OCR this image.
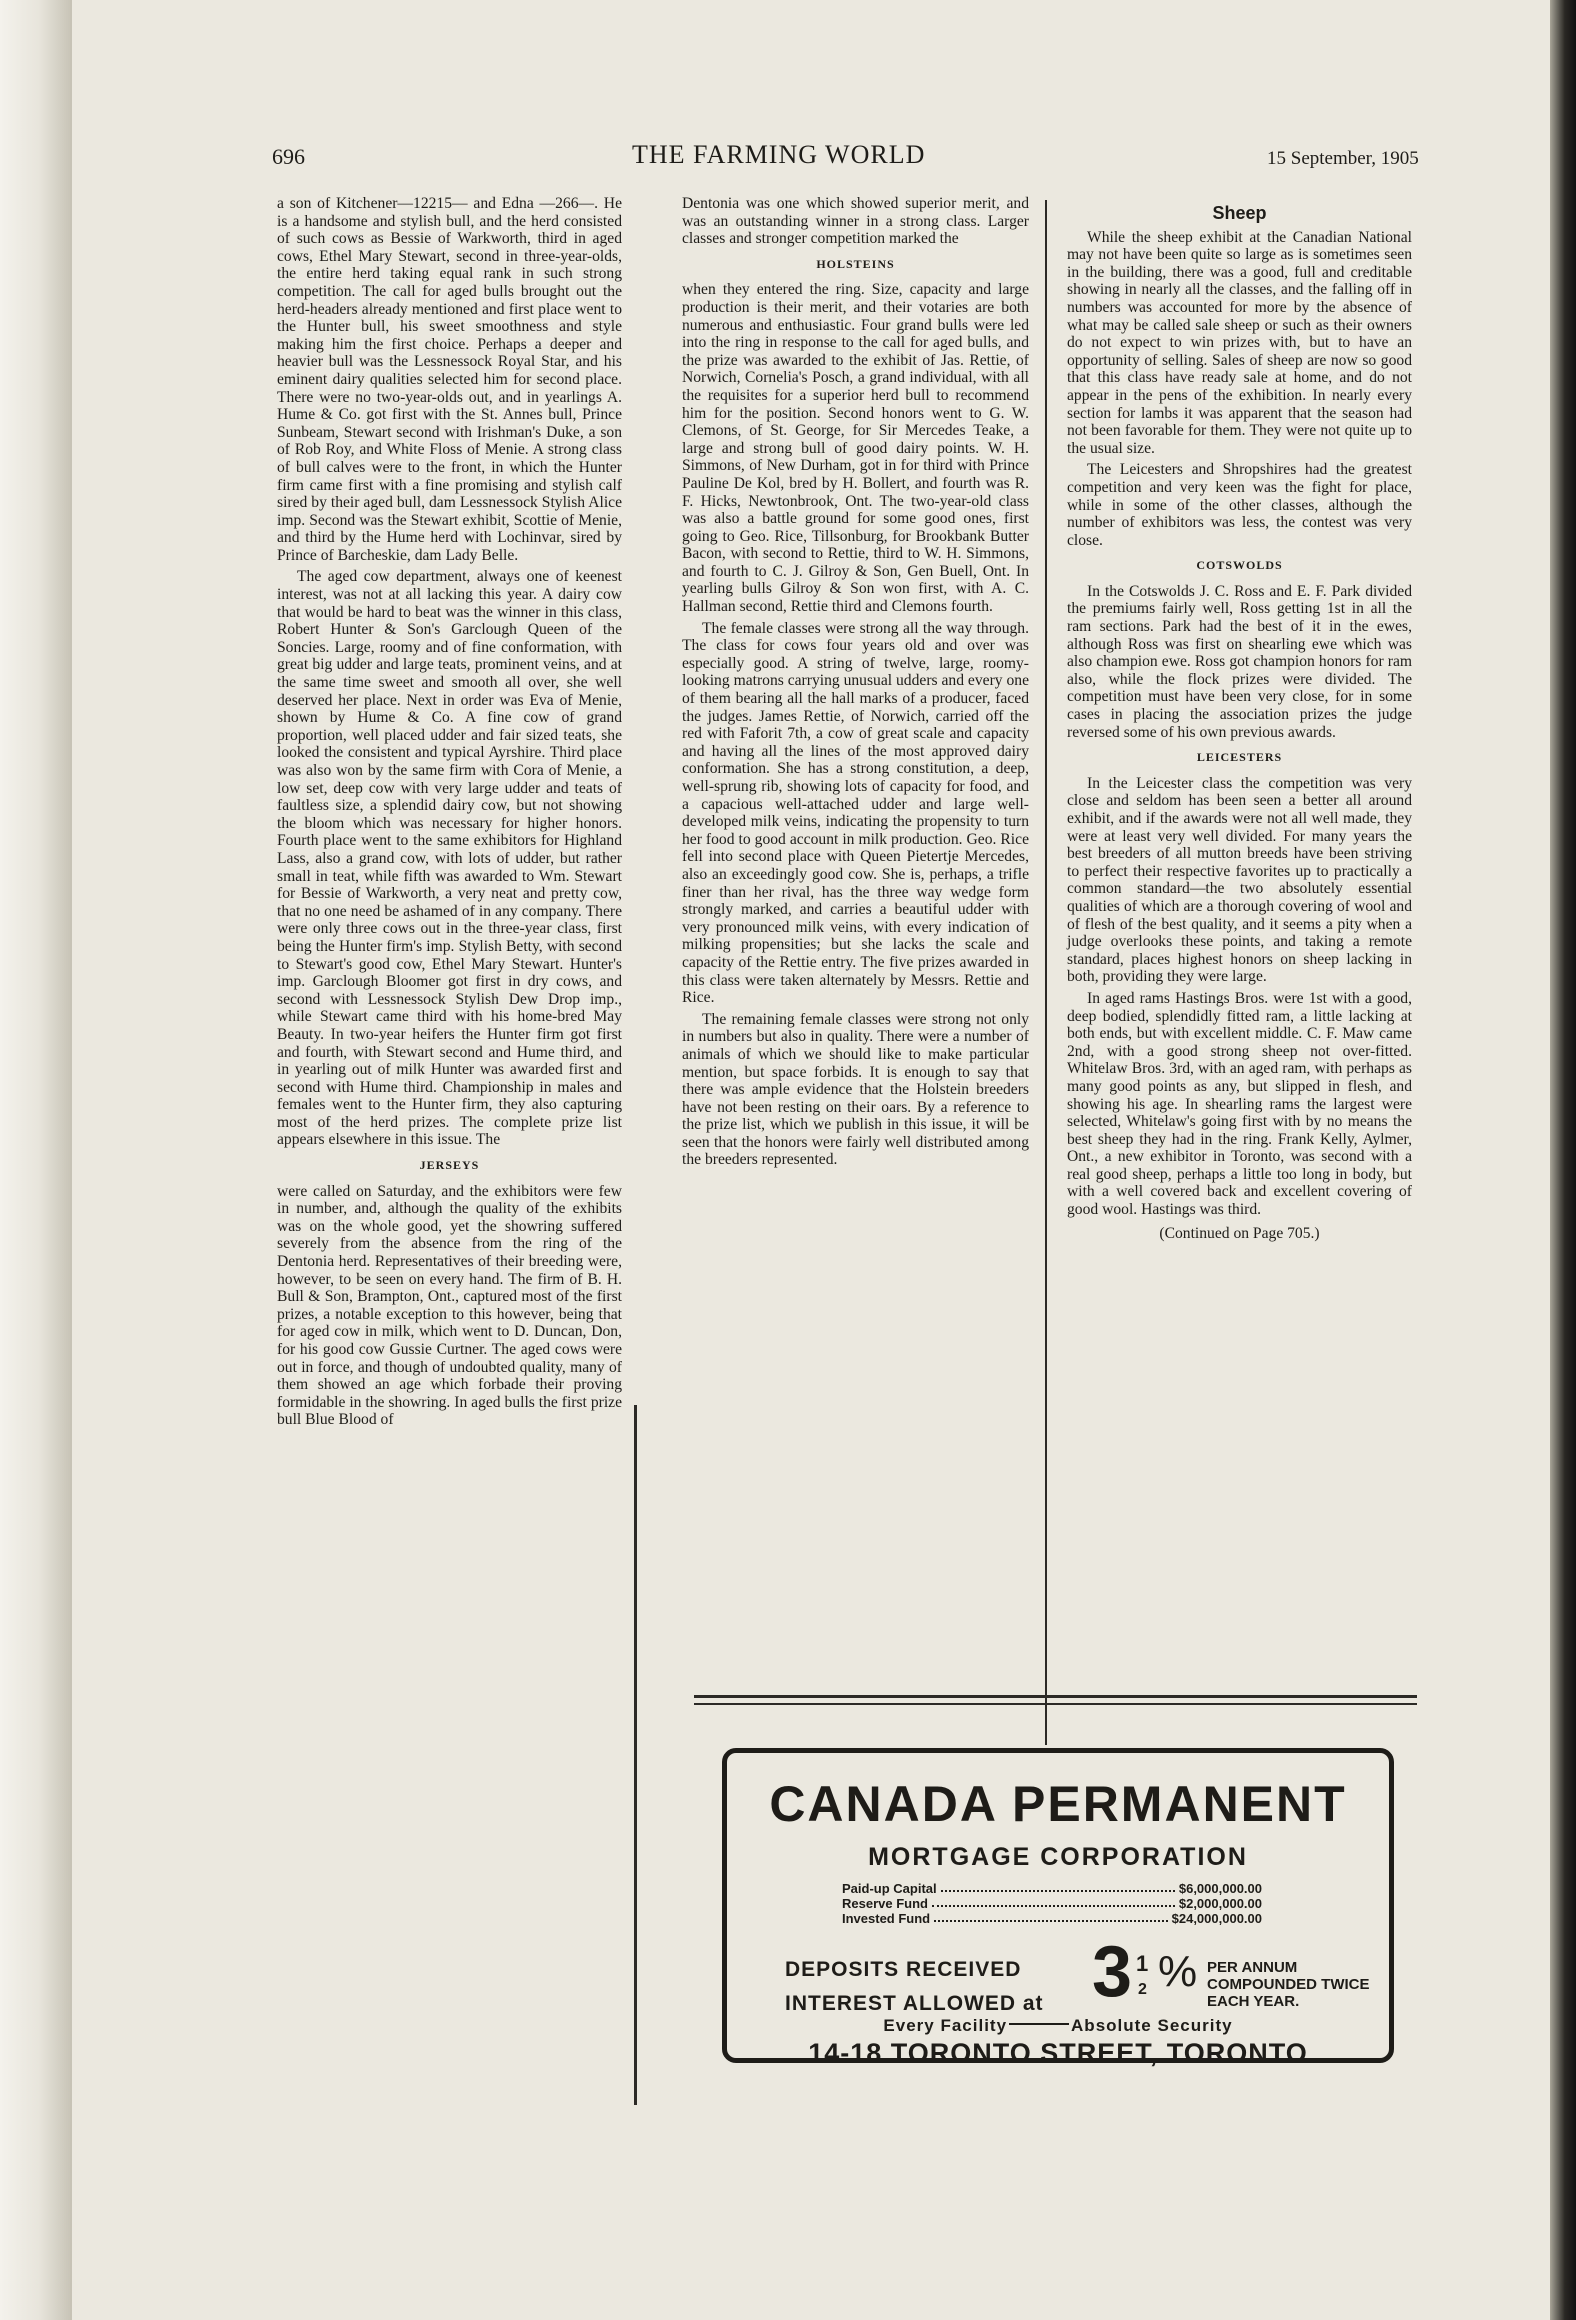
696	THE FARMING WORLD	15 September, 1905

a son of Kitchener—12215— and Edna —266—. He is a handsome and stylish bull, and the herd consisted of such cows as Bessie of Warkworth, third in aged cows, Ethel Mary Stewart, second in three-year-olds, the entire herd taking equal rank in such strong competition. The call for aged bulls brought out the herd-headers already mentioned and first place went to the Hunter bull, his sweet smoothness and style making him the first choice. Perhaps a deeper and heavier bull was the Lessnessock Royal Star, and his eminent dairy qualities selected him for second place. There were no two-year-olds out, and in yearlings A. Hume & Co. got first with the St. Annes bull, Prince Sunbeam, Stewart second with Irishman's Duke, a son of Rob Roy, and White Floss of Menie. A strong class of bull calves were to the front, in which the Hunter firm came first with a fine promising and stylish calf sired by their aged bull, dam Lessnessock Stylish Alice imp. Second was the Stewart exhibit, Scottie of Menie, and third by the Hume herd with Lochinvar, sired by Prince of Barcheskie, dam Lady Belle.

The aged cow department, always one of keenest interest, was not at all lacking this year. A dairy cow that would be hard to beat was the winner in this class, Robert Hunter & Son's Garclough Queen of the Soncies. Large, roomy and of fine conformation, with great big udder and large teats, prominent veins, and at the same time sweet and smooth all over, she well deserved her place. Next in order was Eva of Menie, shown by Hume & Co. A fine cow of grand proportion, well placed udder and fair sized teats, she looked the consistent and typical Ayrshire. Third place was also won by the same firm with Cora of Menie, a low set, deep cow with very large udder and teats of faultless size, a splendid dairy cow, but not showing the bloom which was necessary for higher honors. Fourth place went to the same exhibitors for Highland Lass, also a grand cow, with lots of udder, but rather small in teat, while fifth was awarded to Wm. Stewart for Bessie of Warkworth, a very neat and pretty cow, that no one need be ashamed of in any company. There were only three cows out in the three-year class, first being the Hunter firm's imp. Stylish Betty, with second to Stewart's good cow, Ethel Mary Stewart. Hunter's imp. Garclough Bloomer got first in dry cows, and second with Lessnessock Stylish Dew Drop imp., while Stewart came third with his home-bred May Beauty. In two-year heifers the Hunter firm got first and fourth, with Stewart second and Hume third, and in yearling out of milk Hunter was awarded first and second with Hume third. Championship in males and females went to the Hunter firm, they also capturing most of the herd prizes. The complete prize list appears elsewhere in this issue. The

JERSEYS

were called on Saturday, and the exhibitors were few in number, and, although the quality of the exhibits was on the whole good, yet the showring suffered severely from the absence from the ring of the Dentonia herd. Representatives of their breeding were, however, to be seen on every hand. The firm of B. H. Bull & Son, Brampton, Ont., captured most of the first prizes, a notable exception to this however, being that for aged cow in milk, which went to D. Duncan, Don, for his good cow Gussie Curtner. The aged cows were out in force, and though of undoubted quality, many of them showed an age which forbade their proving formidable in the showring. In aged bulls the first prize bull Blue Blood of

Dentonia was one which showed superior merit, and was an outstanding winner in a strong class. Larger classes and stronger competition marked the

HOLSTEINS

when they entered the ring. Size, capacity and large production is their merit, and their votaries are both numerous and enthusiastic. Four grand bulls were led into the ring in response to the call for aged bulls, and the prize was awarded to the exhibit of Jas. Rettie, of Norwich, Cornelia's Posch, a grand individual, with all the requisites for a superior herd bull to recommend him for the position. Second honors went to G. W. Clemons, of St. George, for Sir Mercedes Teake, a large and strong bull of good dairy points. W. H. Simmons, of New Durham, got in for third with Prince Pauline De Kol, bred by H. Bollert, and fourth was R. F. Hicks, Newtonbrook, Ont. The two-year-old class was also a battle ground for some good ones, first going to Geo. Rice, Tillsonburg, for Brookbank Butter Bacon, with second to Rettie, third to W. H. Simmons, and fourth to C. J. Gilroy & Son, Gen Buell, Ont. In yearling bulls Gilroy & Son won first, with A. C. Hallman second, Rettie third and Clemons fourth.

The female classes were strong all the way through. The class for cows four years old and over was especially good. A string of twelve, large, roomy-looking matrons carrying unusual udders and every one of them bearing all the hall marks of a producer, faced the judges. James Rettie, of Norwich, carried off the red with Faforit 7th, a cow of great scale and capacity and having all the lines of the most approved dairy conformation. She has a strong constitution, a deep, well-sprung rib, showing lots of capacity for food, and a capacious well-attached udder and large well-developed milk veins, indicating the propensity to turn her food to good account in milk production. Geo. Rice fell into second place with Queen Pietertje Mercedes, also an exceedingly good cow. She is, perhaps, a trifle finer than her rival, has the three way wedge form strongly marked, and carries a beautiful udder with very pronounced milk veins, with every indication of milking propensities; but she lacks the scale and capacity of the Rettie entry. The five prizes awarded in this class were taken alternately by Messrs. Rettie and Rice.

The remaining female classes were strong not only in numbers but also in quality. There were a number of animals of which we should like to make particular mention, but space forbids. It is enough to say that there was ample evidence that the Holstein breeders have not been resting on their oars. By a reference to the prize list, which we publish in this issue, it will be seen that the honors were fairly well distributed among the breeders represented.

Sheep

While the sheep exhibit at the Canadian National may not have been quite so large as is sometimes seen in the building, there was a good, full and creditable showing in nearly all the classes, and the falling off in numbers was accounted for more by the absence of what may be called sale sheep or such as their owners do not expect to win prizes with, but to have an opportunity of selling. Sales of sheep are now so good that this class have ready sale at home, and do not appear in the pens of the exhibition. In nearly every section for lambs it was apparent that the season had not been favorable for them. They were not quite up to the usual size.

The Leicesters and Shropshires had the greatest competition and very keen was the fight for place, while in some of the other classes, although the number of exhibitors was less, the contest was very close.

COTSWOLDS

In the Cotswolds J. C. Ross and E. F. Park divided the premiums fairly well, Ross getting 1st in all the ram sections. Park had the best of it in the ewes, although Ross was first on shearling ewe which was also champion ewe. Ross got champion honors for ram also, while the flock prizes were divided. The competition must have been very close, for in some cases in placing the association prizes the judge reversed some of his own previous awards.

LEICESTERS

In the Leicester class the competition was very close and seldom has been seen a better all around exhibit, and if the awards were not all well made, they were at least very well divided. For many years the best breeders of all mutton breeds have been striving to perfect their respective favorites up to practically a common standard—the two absolutely essential qualities of which are a thorough covering of wool and of flesh of the best quality, and it seems a pity when a judge overlooks these points, and taking a remote standard, places highest honors on sheep lacking in both, providing they were large.

In aged rams Hastings Bros. were 1st with a good, deep bodied, splendidly fitted ram, a little lacking at both ends, but with excellent middle. C. F. Maw came 2nd, with a good strong sheep not over-fitted. Whitelaw Bros. 3rd, with an aged ram, with perhaps as many good points as any, but slipped in flesh, and showing his age. In shearling rams the largest were selected, Whitelaw's going first with by no means the best sheep they had in the ring. Frank Kelly, Aylmer, Ont., a new exhibitor in Toronto, was second with a real good sheep, perhaps a little too long in body, but with a well covered back and excellent covering of good wool. Hastings was third.

(Continued on Page 705.)
CANADA PERMANENT
MORTGAGE CORPORATION
Paid-up Capital	$6,000,000.00
Reserve Fund	$2,000,000.00
Invested Fund	$24,000,000.00
DEPOSITS RECEIVED
INTEREST ALLOWED at 3 1
2 % PER ANNUM COMPOUNDED TWICE EACH YEAR.
Every Facility	Absolute Security
14-18 TORONTO STREET, TORONTO
